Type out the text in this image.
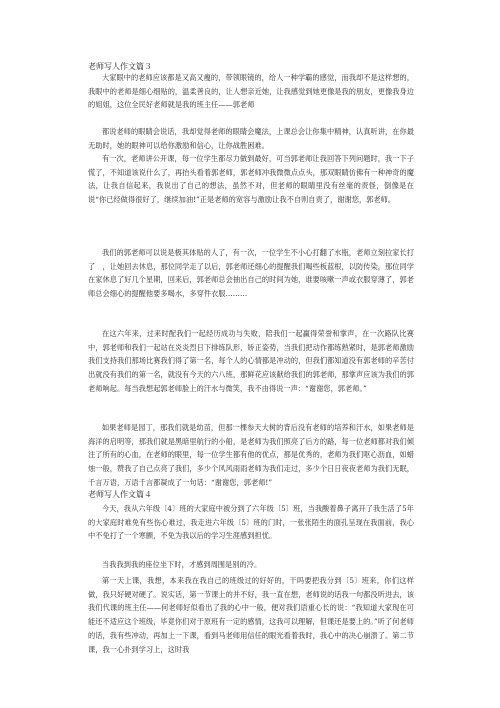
老师写人作文篇３

大家眼中的老师应该都是又高又瘦的，带领眼镜的，给人一种学霸的感觉，而我却不是这样想的，我眼中的老师是细心细贴的，温柔善良的，让人想亲近她，让我感觉到她更像是我的朋友，更像我身边的姐姐，这位全民好老师就是我的班主任——郭老师

都说老师的眼睛会说话，我却觉得老师的眼睛会魔法，上课总会让你集中精神，认真听讲，在你最无助时，她的眼神可以给你激励和信心，让你战胜困难。

有一次，老师讲公开课，每一位学生都尽力做到最好，可当郭老师让我回答下列问题时，我一下子慌了，不知道该说什么了，再抬头看着郭老师，郭老师冲我微微点点头，那双眼睛仿佛有一种神奇的魔法，让我自信起来，我说出了自己的想法，虽然不对，但老师的眼睛里没有丝毫的责怪，倒像是在说“你已经做得很好了，继续加油!”正是老师的宽容与激励让我不自则自责了，谢谢您，郭老师。

我们的郭老师可以说是极其体贴的人了，有一次，一位学生不小心打翻了水瓶，老师立刻拉家长打了　，让她回去休息，那位同学走了以后，郭老师还细心的提醒我们喝些板蓝根，以防传染，那位同学在家休息了好几个星期，回来后，郭老师总会抽出自己的时间为她，谁要咳嗽一声或衣服穿薄了，郭老师总会细心的提醒他要多喝水，多穿件衣服………

在这六年来，过来时配我们一起经历成功与失败，陪我们一起赢得荣誉和掌声，在一次路队比赛中，郭老师和我们一起站在炎炎烈日下排练队形，矫正姿势，当我们把动作都练熟紧时，是郭老师激励我们支持我们那场比赛我们得了第一名，每个人的心情都是冲动的，但我们都知道没有郭老师的辛苦付出就没有我们的第一名，就没有今天的六八班，那鲜花应该献给我们的郭老师，那掌声应该为我们的郭老师响起。每当我想起郭老师脸上的汗水与微笑，我不由得说一声：“谢谢您，郭老师。”

如果老师是园丁，那我们就是幼苗，但那一棵参天大树的背后没有老师的培养和汗水，如果老师是海洋的启明等，那我们就是黑暗里航行的小船，是老师为我们照亮了后方的路，每一位老师都对我们倾注了所有的心血，在老师的眼里，每一位学生都有他的优点，都是优秀的，老师为我们呕心沥血，如蜡烛一般，赞我了自己点亮了我们，多少个风风雨雨老师为我们走过，多少个日日夜夜老师为我们无眠，千言万语，万语千言都凝成了一句话：“谢谢您，郭老师!”

老师写人作文篇４

今天，我从六年级〔4〕班的大家庭中被分到了六年级〔5〕班，当我酸着鼻子离开了我生活了5年的大家庭时难免有些伤心难过，我走进六年级〔5〕班的门时，一张张陌生的面孔呈现在我面前，我心中不免打了一个寒颤，不免为我以后的学习生涯感到担忧。

当我我到我的座位坐下时，才感到周围是别的冷。

第一天上课，我想，本来我在我自己的班级过的好好的，干吗要把我分到〔5〕班来，你们这样做，我只好硬对硬了。说实话，第一节课上的并不好，我一直在想，老师说的话我一句都没听进去，该我们代课的班主任——何老师好似看出了我的心中一般，便对我们语重心长的说：“我知道大家现在可能还不适应这个班级，毕竟你们对于原班有一定的感情，这我可以理解，但课还是要上的。”听了何老师的话，我有些冲动，再加上一下课，看到马老师用信任的眼光看着我时，我心中的决心崩溃了。第二节课，我一心扑到学习上，这时我
